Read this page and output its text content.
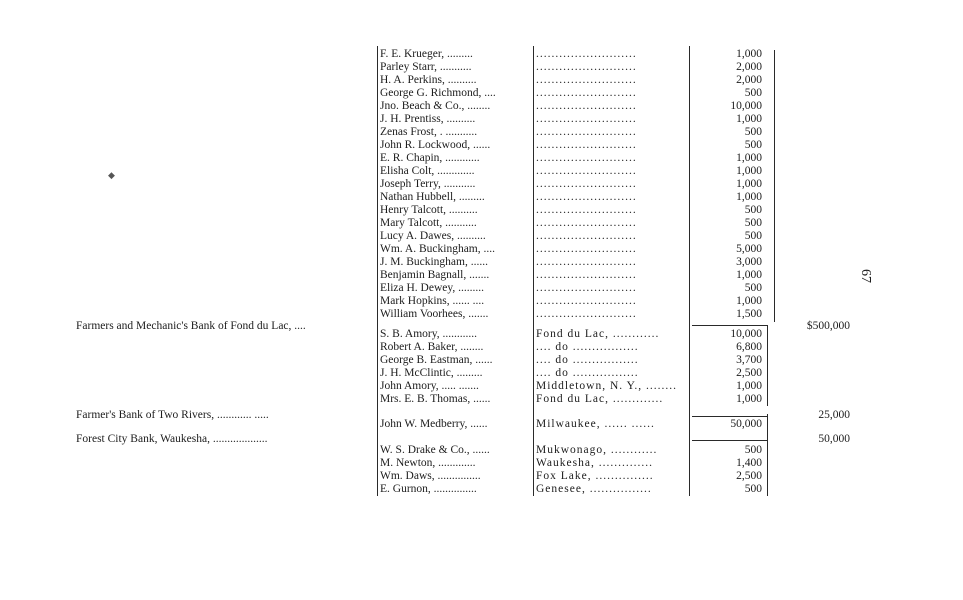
Farmers and Mechanic's Bank of Fond du Lac, ....	$500,000
Farmer's Bank of Two Rivers, ............ .....	25,000
Forest City Bank, Waukesha, ...................	50,000
F. E. Krueger, .........	..........................	1,000
Parley Starr, ...........	..........................	2,000
H. A. Perkins, ..........	..........................	2,000
George G. Richmond, ....	..........................	500
Jno. Beach & Co., ........	..........................	10,000
J. H. Prentiss, ..........	..........................	1,000
Zenas Frost, . ...........	..........................	500
John R. Lockwood, ......	..........................	500
E. R. Chapin, ............	..........................	1,000
Elisha Colt, .............	..........................	1,000
Joseph Terry, ...........	..........................	1,000
Nathan Hubbell, .........	..........................	1,000
Henry Talcott, ..........	..........................	500
Mary Talcott, ...........	..........................	500
Lucy A. Dawes, ..........	..........................	500
Wm. A. Buckingham, ....	..........................	5,000
J. M. Buckingham, ......	..........................	3,000
Benjamin Bagnall, .......	..........................	1,000
Eliza H. Dewey, .........	..........................	500
Mark Hopkins, ...... ....	..........................	1,000
William Voorhees, .......	..........................	1,500
S. B. Amory, ............	Fond du Lac, ............	10,000
Robert A. Baker, ........	.... do .................	6,800
George B. Eastman, ......	.... do .................	3,700
J. H. McClintic, .........	.... do .................	2,500
John Amory, ..... .......	Middletown, N. Y., ........	1,000
Mrs. E. B. Thomas, ......	Fond du Lac, .............	1,000
John W. Medberry, ......	Milwaukee, ...... ......	50,000
W. S. Drake & Co., ......	Mukwonago, ............	500
M. Newton, .............	Waukesha, ..............	1,400
Wm. Daws, ...............	Fox Lake, ...............	2,500
E. Gurnon, ...............	Genesee, ................	500
67
◆
